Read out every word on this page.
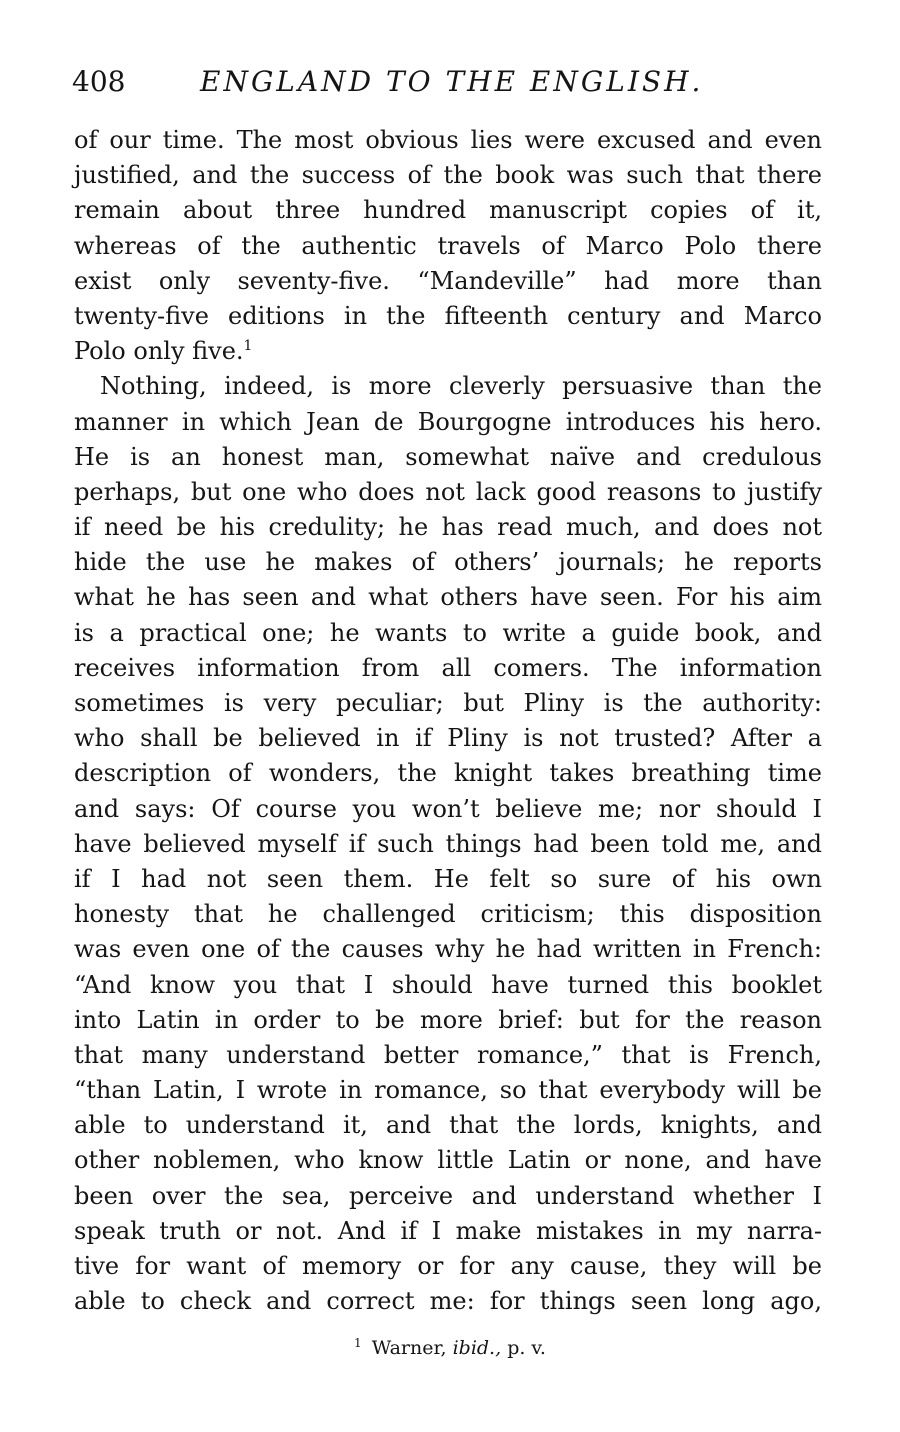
408	ENGLAND TO THE ENGLISH.
of our time. The most obvious lies were excused and even
justified, and the success of the book was such that there
remain about three hundred manuscript copies of it,
whereas of the authentic travels of Marco Polo there
exist only seventy-five. “Mandeville” had more than
twenty-five editions in the fifteenth century and Marco
Polo only five.$^1$
Nothing, indeed, is more cleverly persuasive than the
manner in which Jean de Bourgogne introduces his hero.
He is an honest man, somewhat naïve and credulous
perhaps, but one who does not lack good reasons to justify
if need be his credulity; he has read much, and does not
hide the use he makes of others’ journals; he reports
what he has seen and what others have seen. For his aim
is a practical one; he wants to write a guide book, and
receives information from all comers. The information
sometimes is very peculiar; but Pliny is the authority:
who shall be believed in if Pliny is not trusted? After a
description of wonders, the knight takes breathing time
and says: Of course you won’t believe me; nor should I
have believed myself if such things had been told me, and
if I had not seen them. He felt so sure of his own
honesty that he challenged criticism; this disposition
was even one of the causes why he had written in French:
“And know you that I should have turned this booklet
into Latin in order to be more brief: but for the reason
that many understand better romance,” that is French,
“than Latin, I wrote in romance, so that everybody will be
able to understand it, and that the lords, knights, and
other noblemen, who know little Latin or none, and have
been over the sea, perceive and understand whether I
speak truth or not. And if I make mistakes in my narra-
tive for want of memory or for any cause, they will be
able to check and correct me: for things seen long ago,
$^1$ Warner, ibid., p. v.
